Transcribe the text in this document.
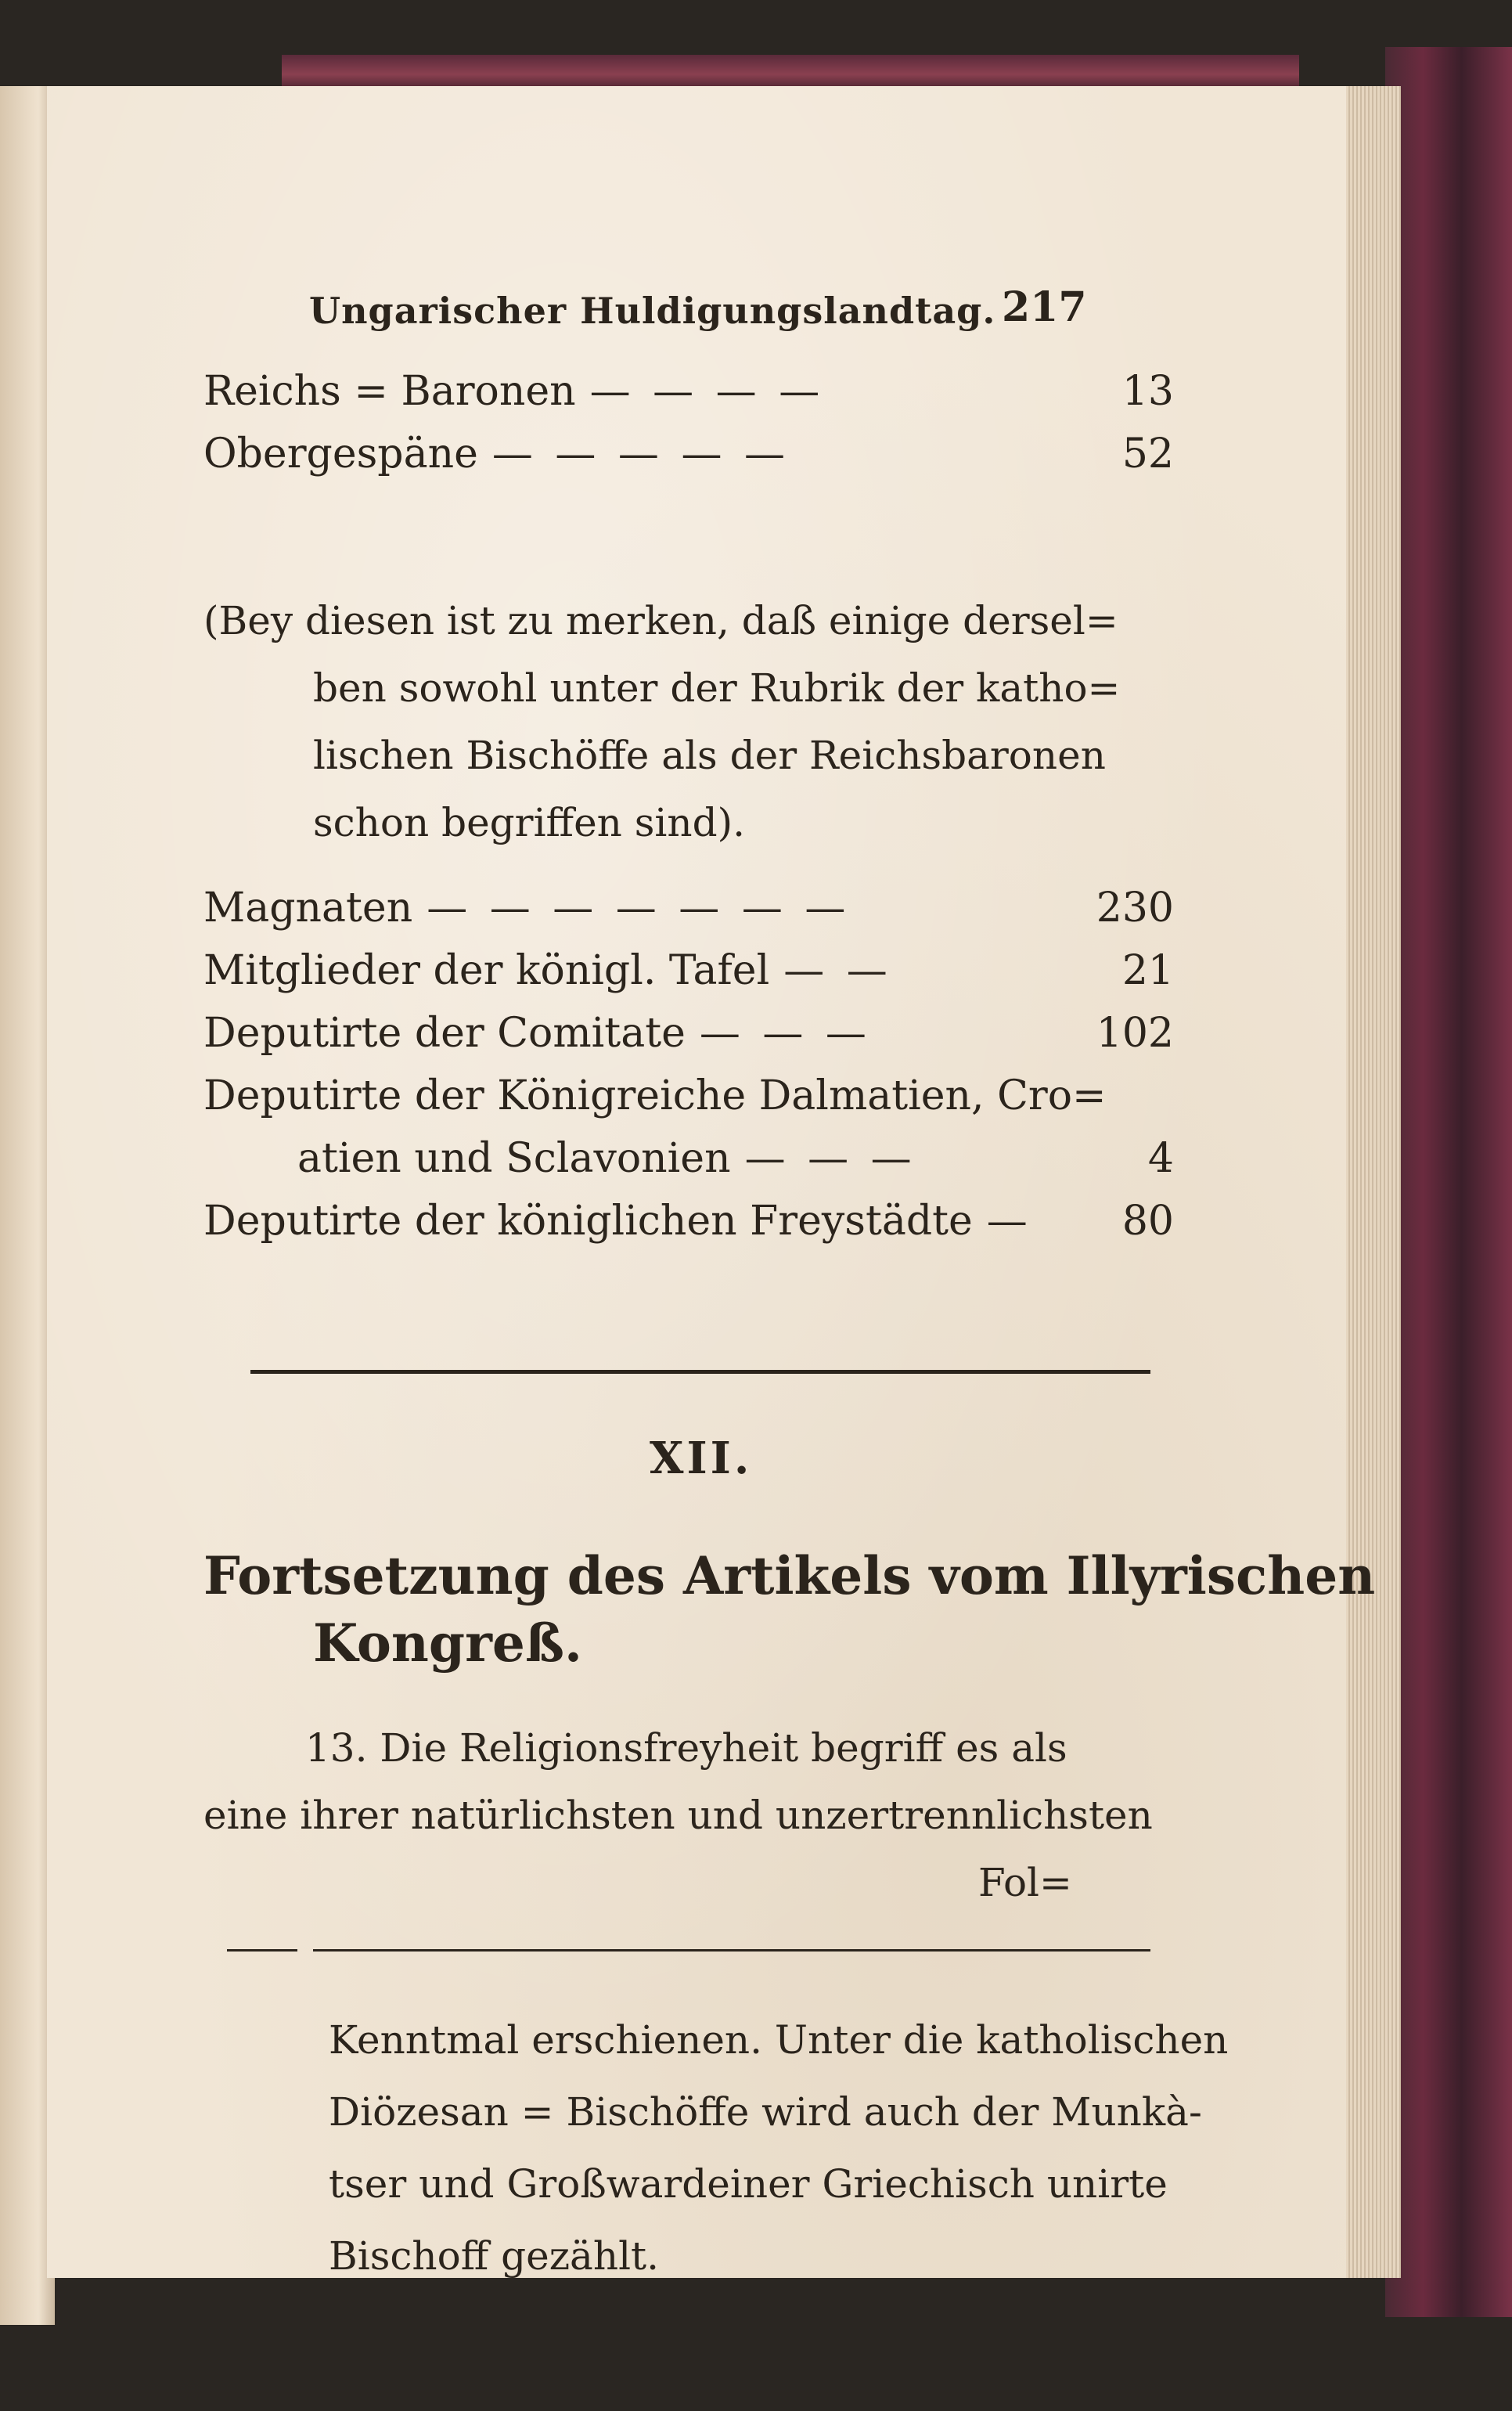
Ungarischer Huldigungslandtag. 217
Reichs = Baronen — — — —	13
Obergespäne — — — — —	52
(Bey diesen ist zu merken, daß einige dersel=
ben sowohl unter der Rubrik der katho=
lischen Bischöffe als der Reichsbaronen
schon begriffen sind).
Magnaten — — — — — — —	230
Mitglieder der königl. Tafel — —	21
Deputirte der Comitate — — —	102
Deputirte der Königreiche Dalmatien, Cro=
atien und Sclavonien — — —	4
Deputirte der königlichen Freystädte —	80
XII.
Fortsetzung des Artikels vom Illyrischen
Kongreß.
13. Die Religionsfreyheit begriff es als
eine ihrer natürlichsten und unzertrennlichsten
Fol=
Kenntmal erschienen. Unter die katholischen
Diözesan = Bischöffe wird auch der Munkà-
tser und Großwardeiner Griechisch unirte
Bischoff gezählt.
